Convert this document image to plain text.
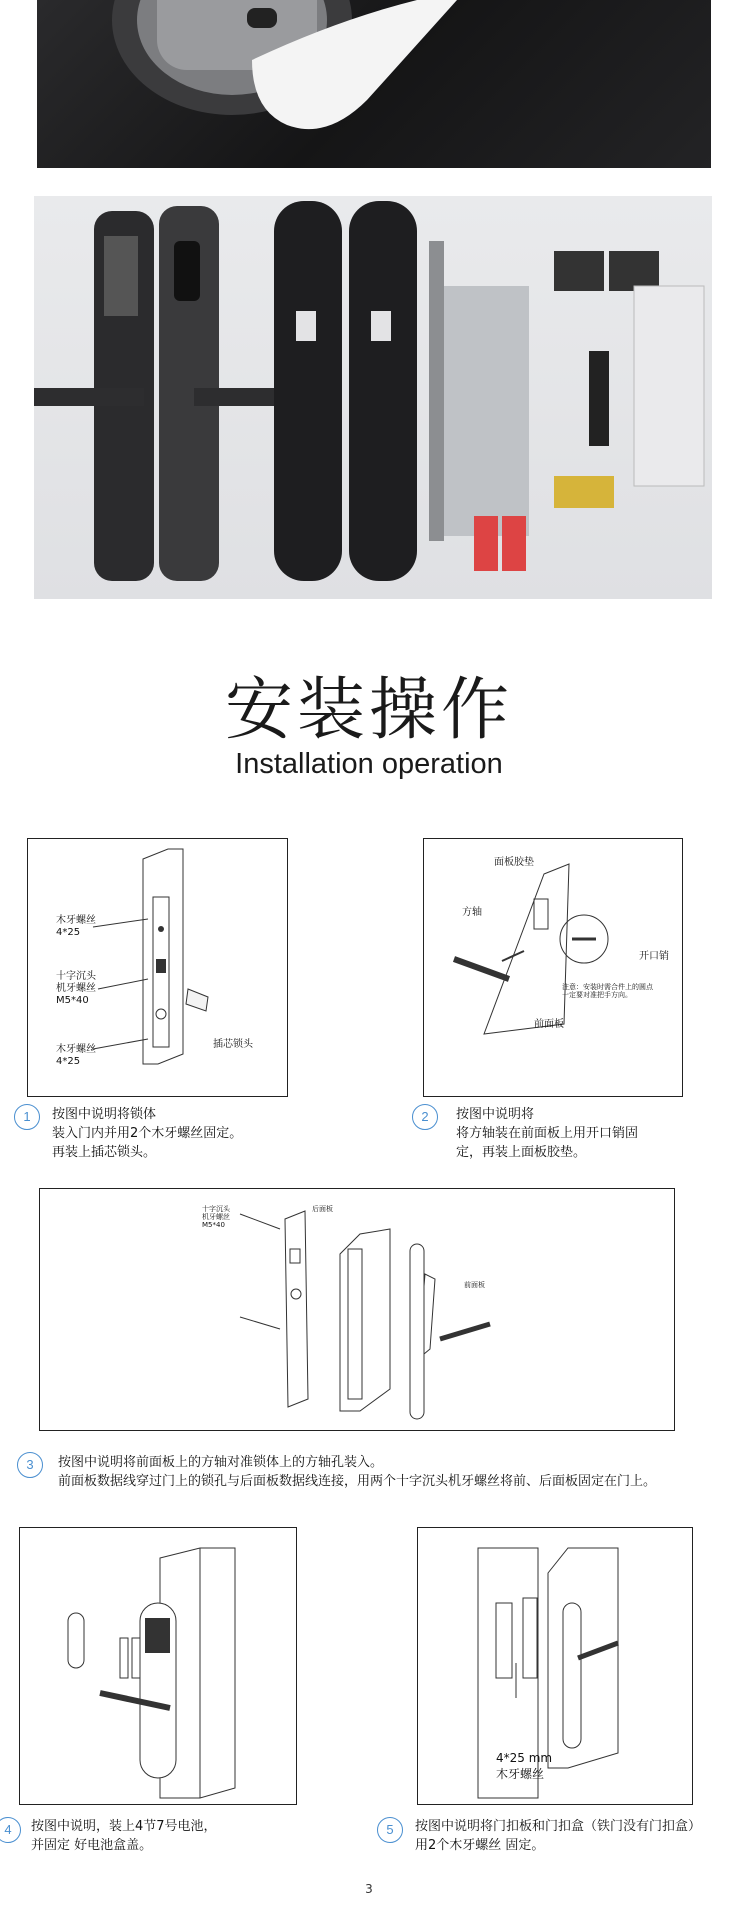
安装操作
Installation operation
木牙螺丝
4*25
十字沉头
机牙螺丝
M5*40
木牙螺丝
4*25
插芯锁头
面板胶垫
方轴
开口销
前面板
注意：安装时需合件上的圆点
一定要对准把手方向。
1	按图中说明将锁体
装入门内并用2个木牙螺丝固定。
再装上插芯锁头。
2	按图中说明将
将方轴装在前面板上用开口销固
定，再装上面板胶垫。
十字沉头
机牙螺丝
M5*40
后面板
前面板
3	按图中说明将前面板上的方轴对准锁体上的方轴孔装入。
前面板数据线穿过门上的锁孔与后面板数据线连接，用两个十字沉头机牙螺丝将前、后面板固定在门上。
4*25 mm
木牙螺丝
4	按图中说明，装上4节7号电池，
并固定 好电池盒盖。
5	按图中说明将门扣板和门扣盒（铁门没有门扣盒）
用2个木牙螺丝 固定。
3
